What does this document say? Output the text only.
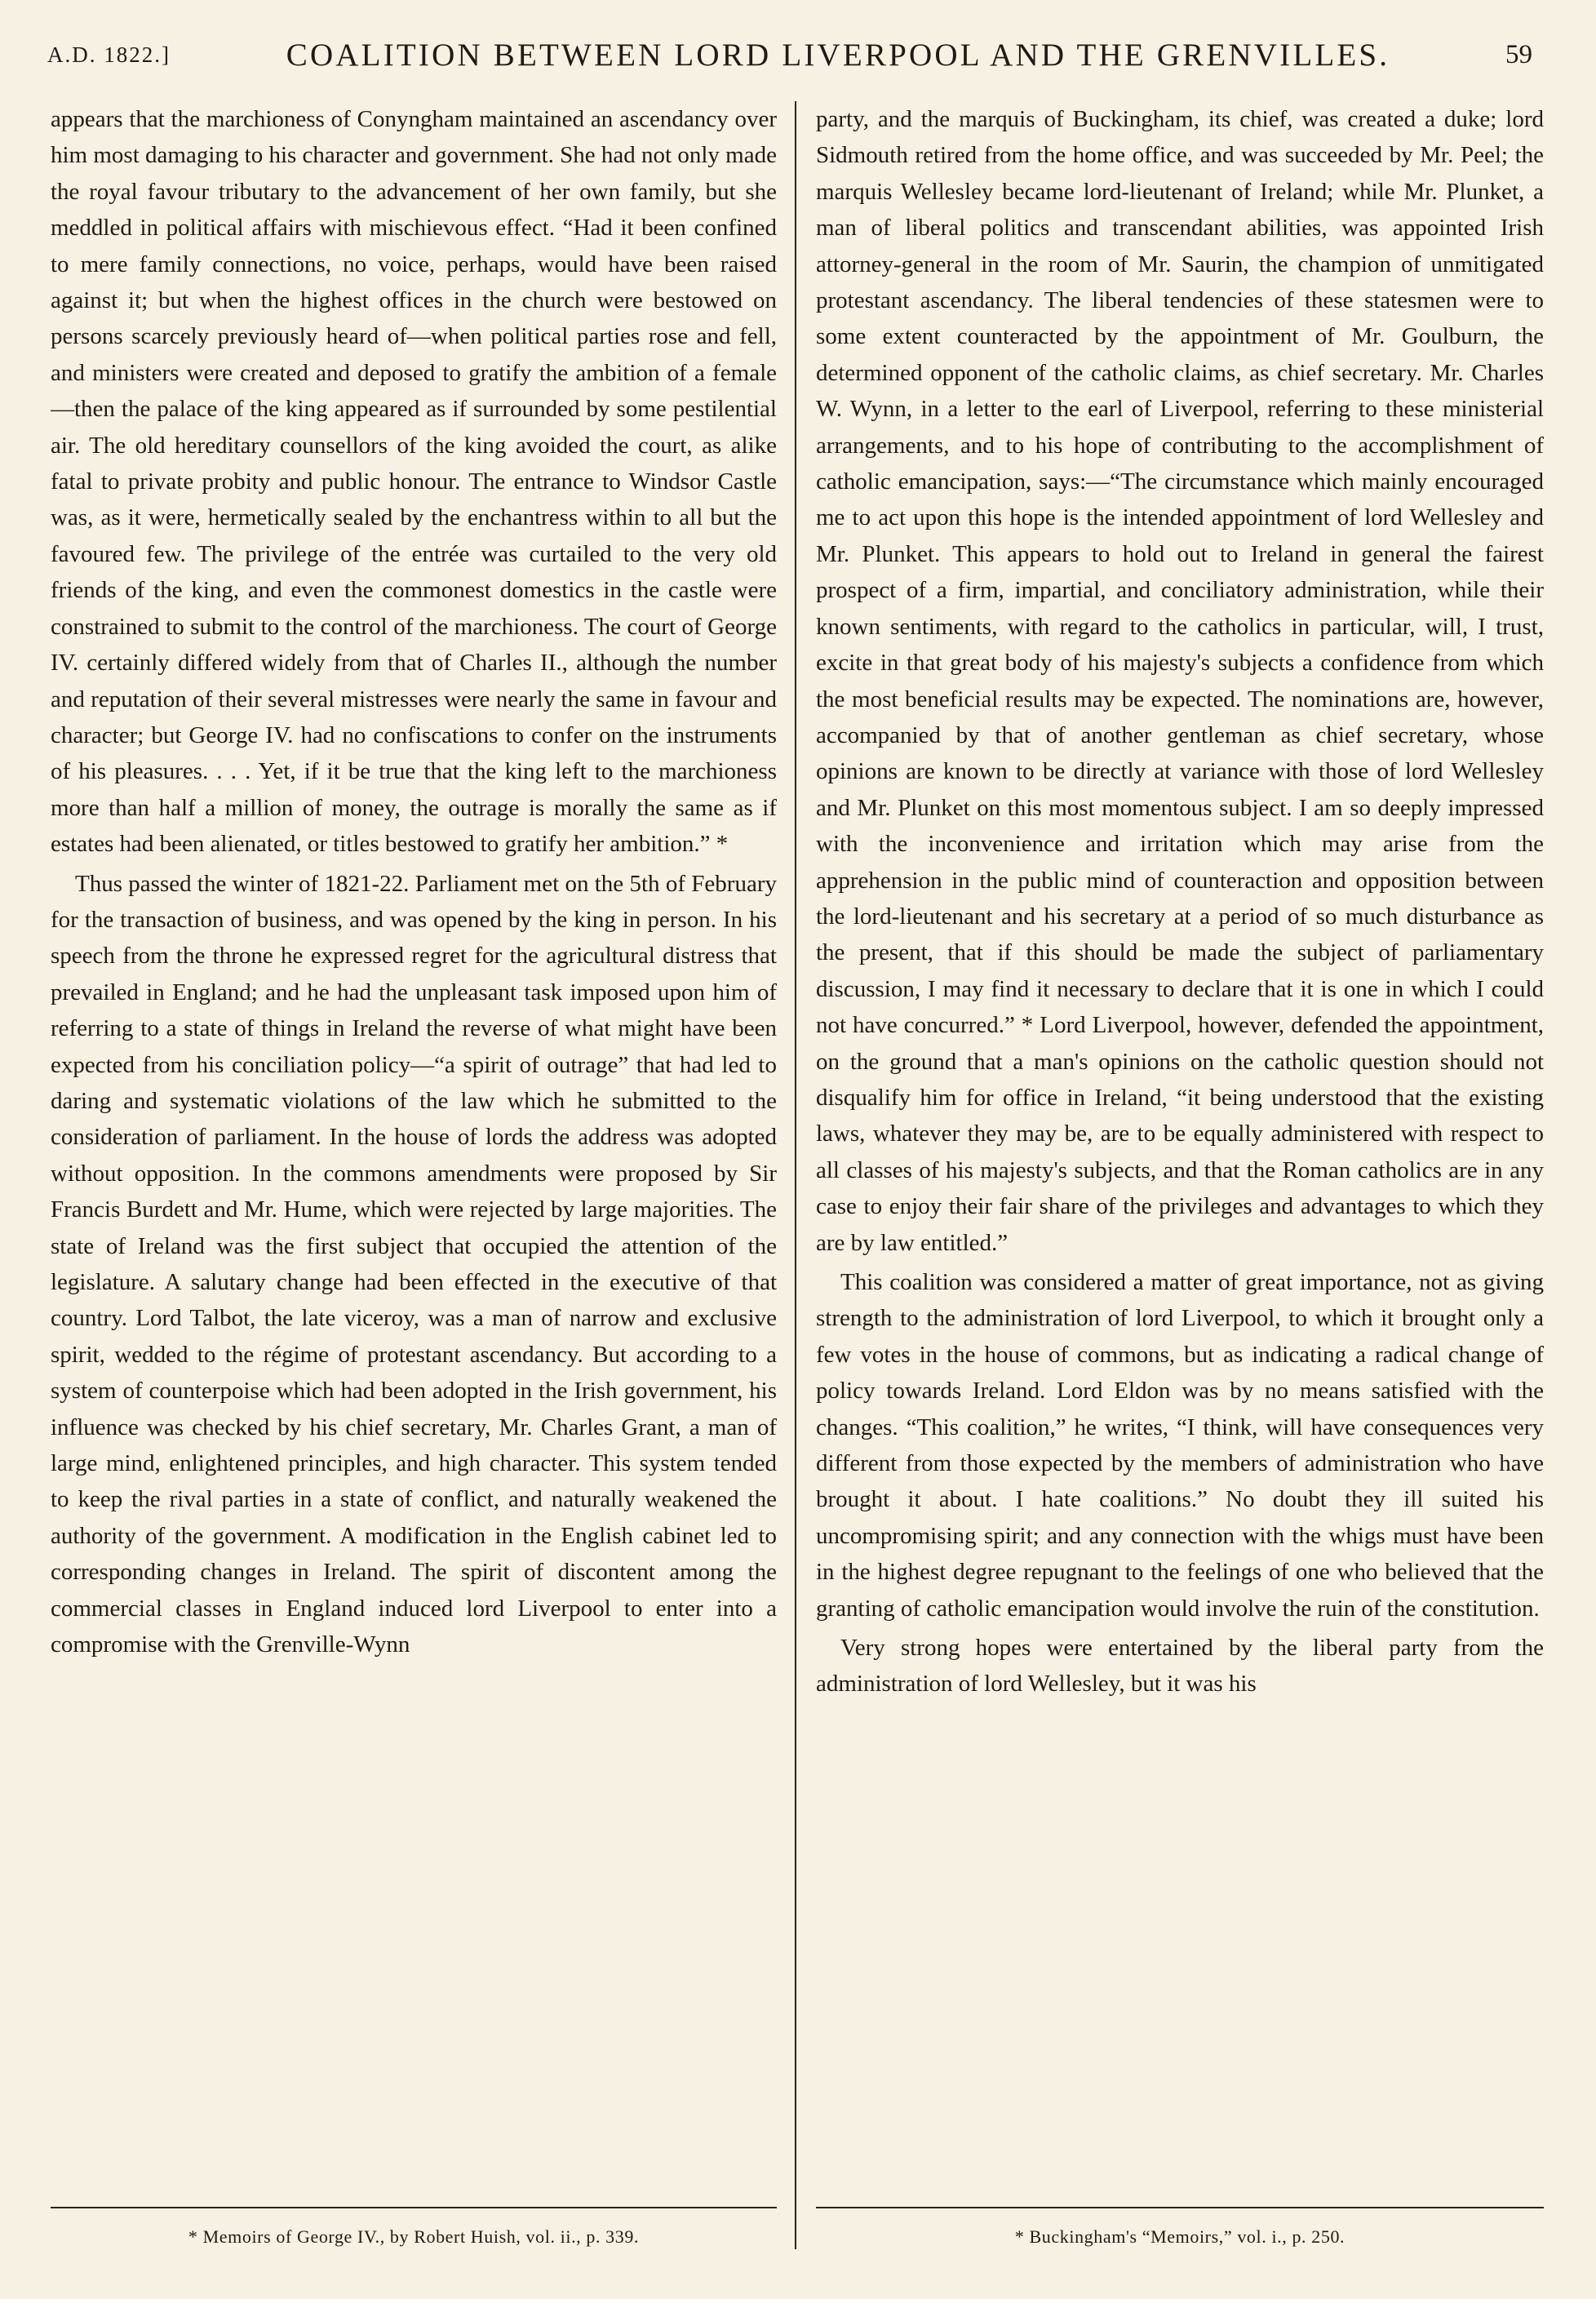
A.D. 1822.]	COALITION BETWEEN LORD LIVERPOOL AND THE GRENVILLES.	59

appears that the marchioness of Conyngham maintained an ascendancy over him most damaging to his character and government. She had not only made the royal favour tributary to the advancement of her own family, but she meddled in political affairs with mischievous effect. “Had it been confined to mere family connections, no voice, perhaps, would have been raised against it; but when the highest offices in the church were bestowed on persons scarcely previously heard of—when political parties rose and fell, and ministers were created and deposed to gratify the ambition of a female—then the palace of the king appeared as if surrounded by some pestilential air. The old hereditary counsellors of the king avoided the court, as alike fatal to private probity and public honour. The entrance to Windsor Castle was, as it were, hermetically sealed by the enchantress within to all but the favoured few. The privilege of the entrée was curtailed to the very old friends of the king, and even the commonest domestics in the castle were constrained to submit to the control of the marchioness. The court of George IV. certainly differed widely from that of Charles II., although the number and reputation of their several mistresses were nearly the same in favour and character; but George IV. had no confiscations to confer on the instruments of his pleasures. . . . Yet, if it be true that the king left to the marchioness more than half a million of money, the outrage is morally the same as if estates had been alienated, or titles bestowed to gratify her ambition.” *

Thus passed the winter of 1821-22. Parliament met on the 5th of February for the transaction of business, and was opened by the king in person. In his speech from the throne he expressed regret for the agricultural distress that prevailed in England; and he had the unpleasant task imposed upon him of referring to a state of things in Ireland the reverse of what might have been expected from his conciliation policy—“a spirit of outrage” that had led to daring and systematic violations of the law which he submitted to the consideration of parliament. In the house of lords the address was adopted without opposition. In the commons amendments were proposed by Sir Francis Burdett and Mr. Hume, which were rejected by large majorities. The state of Ireland was the first subject that occupied the attention of the legislature. A salutary change had been effected in the executive of that country. Lord Talbot, the late viceroy, was a man of narrow and exclusive spirit, wedded to the régime of protestant ascendancy. But according to a system of counterpoise which had been adopted in the Irish government, his influence was checked by his chief secretary, Mr. Charles Grant, a man of large mind, enlightened principles, and high character. This system tended to keep the rival parties in a state of conflict, and naturally weakened the authority of the government. A modification in the English cabinet led to corresponding changes in Ireland. The spirit of discontent among the commercial classes in England induced lord Liverpool to enter into a compromise with the Grenville-Wynn

party, and the marquis of Buckingham, its chief, was created a duke; lord Sidmouth retired from the home office, and was succeeded by Mr. Peel; the marquis Wellesley became lord-lieutenant of Ireland; while Mr. Plunket, a man of liberal politics and transcendant abilities, was appointed Irish attorney-general in the room of Mr. Saurin, the champion of unmitigated protestant ascendancy. The liberal tendencies of these statesmen were to some extent counteracted by the appointment of Mr. Goulburn, the determined opponent of the catholic claims, as chief secretary. Mr. Charles W. Wynn, in a letter to the earl of Liverpool, referring to these ministerial arrangements, and to his hope of contributing to the accomplishment of catholic emancipation, says:—“The circumstance which mainly encouraged me to act upon this hope is the intended appointment of lord Wellesley and Mr. Plunket. This appears to hold out to Ireland in general the fairest prospect of a firm, impartial, and conciliatory administration, while their known sentiments, with regard to the catholics in particular, will, I trust, excite in that great body of his majesty's subjects a confidence from which the most beneficial results may be expected. The nominations are, however, accompanied by that of another gentleman as chief secretary, whose opinions are known to be directly at variance with those of lord Wellesley and Mr. Plunket on this most momentous subject. I am so deeply impressed with the inconvenience and irritation which may arise from the apprehension in the public mind of counteraction and opposition between the lord-lieutenant and his secretary at a period of so much disturbance as the present, that if this should be made the subject of parliamentary discussion, I may find it necessary to declare that it is one in which I could not have concurred.” * Lord Liverpool, however, defended the appointment, on the ground that a man's opinions on the catholic question should not disqualify him for office in Ireland, “it being understood that the existing laws, whatever they may be, are to be equally administered with respect to all classes of his majesty's subjects, and that the Roman catholics are in any case to enjoy their fair share of the privileges and advantages to which they are by law entitled.”

This coalition was considered a matter of great importance, not as giving strength to the administration of lord Liverpool, to which it brought only a few votes in the house of commons, but as indicating a radical change of policy towards Ireland. Lord Eldon was by no means satisfied with the changes. “This coalition,” he writes, “I think, will have consequences very different from those expected by the members of administration who have brought it about. I hate coalitions.” No doubt they ill suited his uncompromising spirit; and any connection with the whigs must have been in the highest degree repugnant to the feelings of one who believed that the granting of catholic emancipation would involve the ruin of the constitution.

Very strong hopes were entertained by the liberal party from the administration of lord Wellesley, but it was his

* Memoirs of George IV., by Robert Huish, vol. ii., p. 339.	* Buckingham's “Memoirs,” vol. i., p. 250.
